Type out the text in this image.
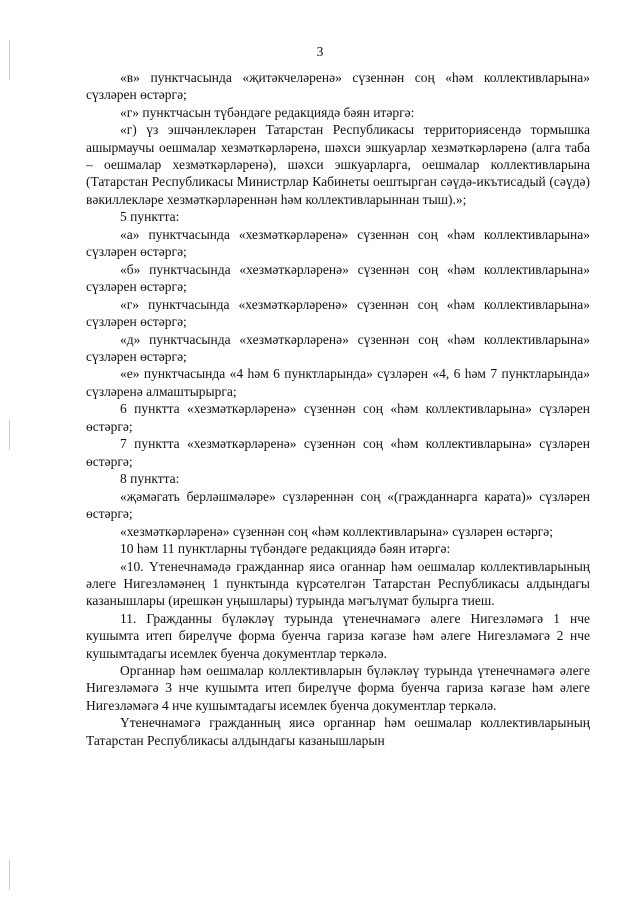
3

«в» пунктчасында «җитәкчеләренә» сүзеннән соң «һәм коллективларына» сүзләрен өстәргә;

«г» пунктчасын түбәндәге редакциядә бәян итәргә:

«г) үз эшчәнлекләрен Татарстан Республикасы территориясендә тормышка ашырмаучы оешмалар хезмәткәрләренә, шәхси эшкуарлар хезмәткәрләренә (алга таба – оешмалар хезмәткәрләренә), шәхси эшкуарларга, оешмалар коллективларына (Татарстан Республикасы Министрлар Кабинеты оештырган сәүдә-икътисадый (сәүдә) вәкиллекләре хезмәткәрләреннән һәм коллективларыннан тыш).»;

5 пунктта:

«а» пунктчасында «хезмәткәрләренә» сүзеннән соң «һәм коллективларына» сүзләрен өстәргә;

«б» пунктчасында «хезмәткәрләренә» сүзеннән соң «һәм коллективларына» сүзләрен өстәргә;

«г» пунктчасында «хезмәткәрләренә» сүзеннән соң «һәм коллективларына» сүзләрен өстәргә;

«д» пунктчасында «хезмәткәрләренә» сүзеннән соң «һәм коллективларына» сүзләрен өстәргә;

«е» пунктчасында «4 һәм 6 пунктларында» сүзләрен «4, 6 һәм 7 пунктларында» сүзләренә алмаштырырга;

6 пунктта «хезмәткәрләренә» сүзеннән соң «һәм коллективларына» сүзләрен өстәргә;

7 пунктта «хезмәткәрләренә» сүзеннән соң «һәм коллективларына» сүзләрен өстәргә;

8 пунктта:

«җәмәгать берләшмәләре» сүзләреннән соң «(гражданнарга карата)» сүзләрен өстәргә;

«хезмәткәрләренә» сүзеннән соң «һәм коллективларына» сүзләрен өстәргә;

10 һәм 11 пунктларны түбәндәге редакциядә бәян итәргә:

«10. Үтенечнамәдә гражданнар яисә оганнар һәм оешмалар коллективларының әлеге Нигезләмәнең 1 пунктында күрсәтелгән Татарстан Республикасы алдындагы казанышлары (ирешкән уңышлары) турында мәгълүмат булырга тиеш.

11. Гражданны бүләкләү турында үтенечнамәгә әлеге Нигезләмәгә 1 нче кушымта итеп бирелүче форма буенча гариза кәгазе һәм әлеге Нигезләмәгә 2 нче кушымтадагы исемлек буенча документлар теркәлә.

Органнар һәм оешмалар коллективларын бүләкләү турында үтенечнамәгә әлеге Нигезләмәгә 3 нче кушымта итеп бирелүче форма буенча гариза кәгазе һәм әлеге Нигезләмәгә 4 нче кушымтадагы исемлек буенча документлар теркәлә.

Үтенечнамәгә гражданның яисә органнар һәм оешмалар коллективларының Татарстан Республикасы алдындагы казанышларын
